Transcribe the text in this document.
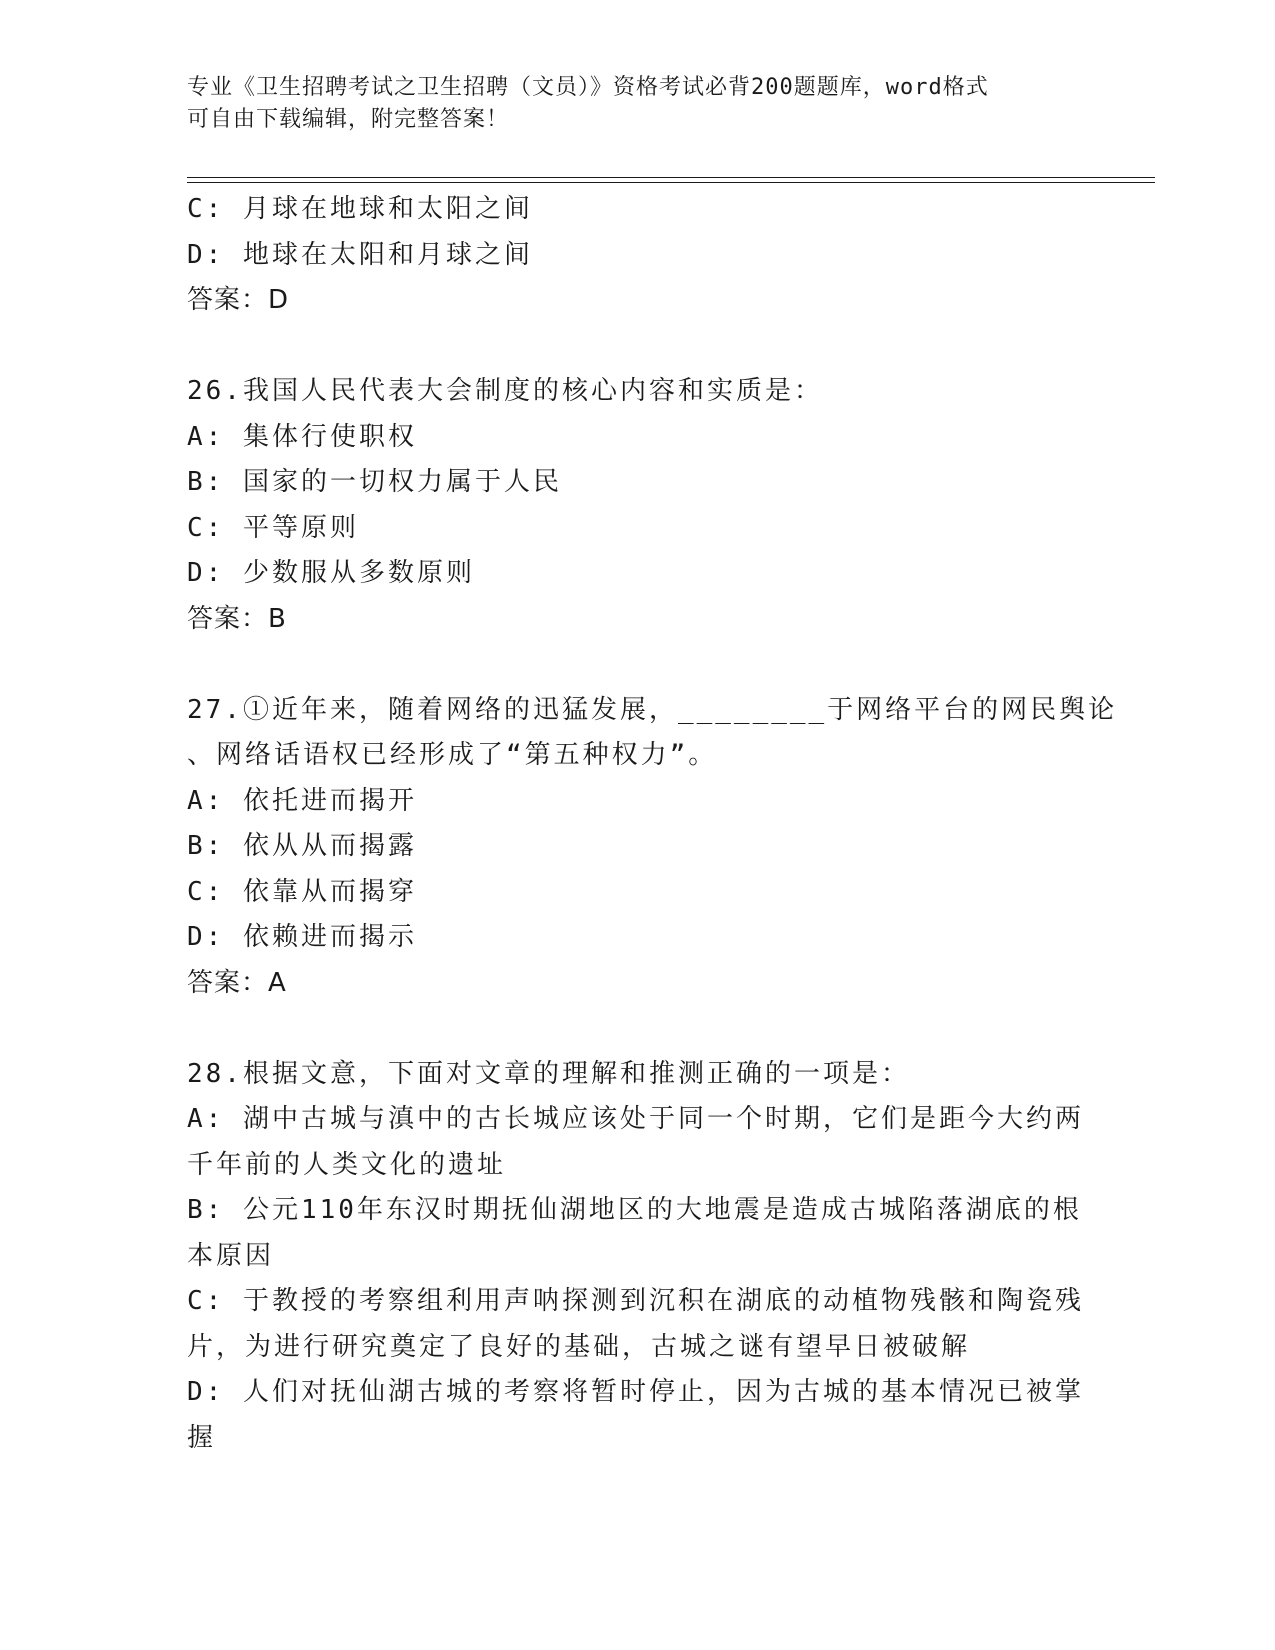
专业《卫生招聘考试之卫生招聘（文员）》资格考试必背200题题库，word格式
可自由下载编辑，附完整答案！
C: 月球在地球和太阳之间
D: 地球在太阳和月球之间
答案：D
26.我国人民代表大会制度的核心内容和实质是：
A: 集体行使职权
B: 国家的一切权力属于人民
C: 平等原则
D: 少数服从多数原则
答案：B
27.①近年来，随着网络的迅猛发展，________于网络平台的网民舆论
、网络话语权已经形成了“第五种权力”。
A: 依托进而揭开
B: 依从从而揭露
C: 依靠从而揭穿
D: 依赖进而揭示
答案：A
28.根据文意，下面对文章的理解和推测正确的一项是：
A: 湖中古城与滇中的古长城应该处于同一个时期，它们是距今大约两
千年前的人类文化的遗址
B: 公元110年东汉时期抚仙湖地区的大地震是造成古城陷落湖底的根
本原因
C: 于教授的考察组利用声呐探测到沉积在湖底的动植物残骸和陶瓷残
片，为进行研究奠定了良好的基础，古城之谜有望早日被破解
D: 人们对抚仙湖古城的考察将暂时停止，因为古城的基本情况已被掌
握
